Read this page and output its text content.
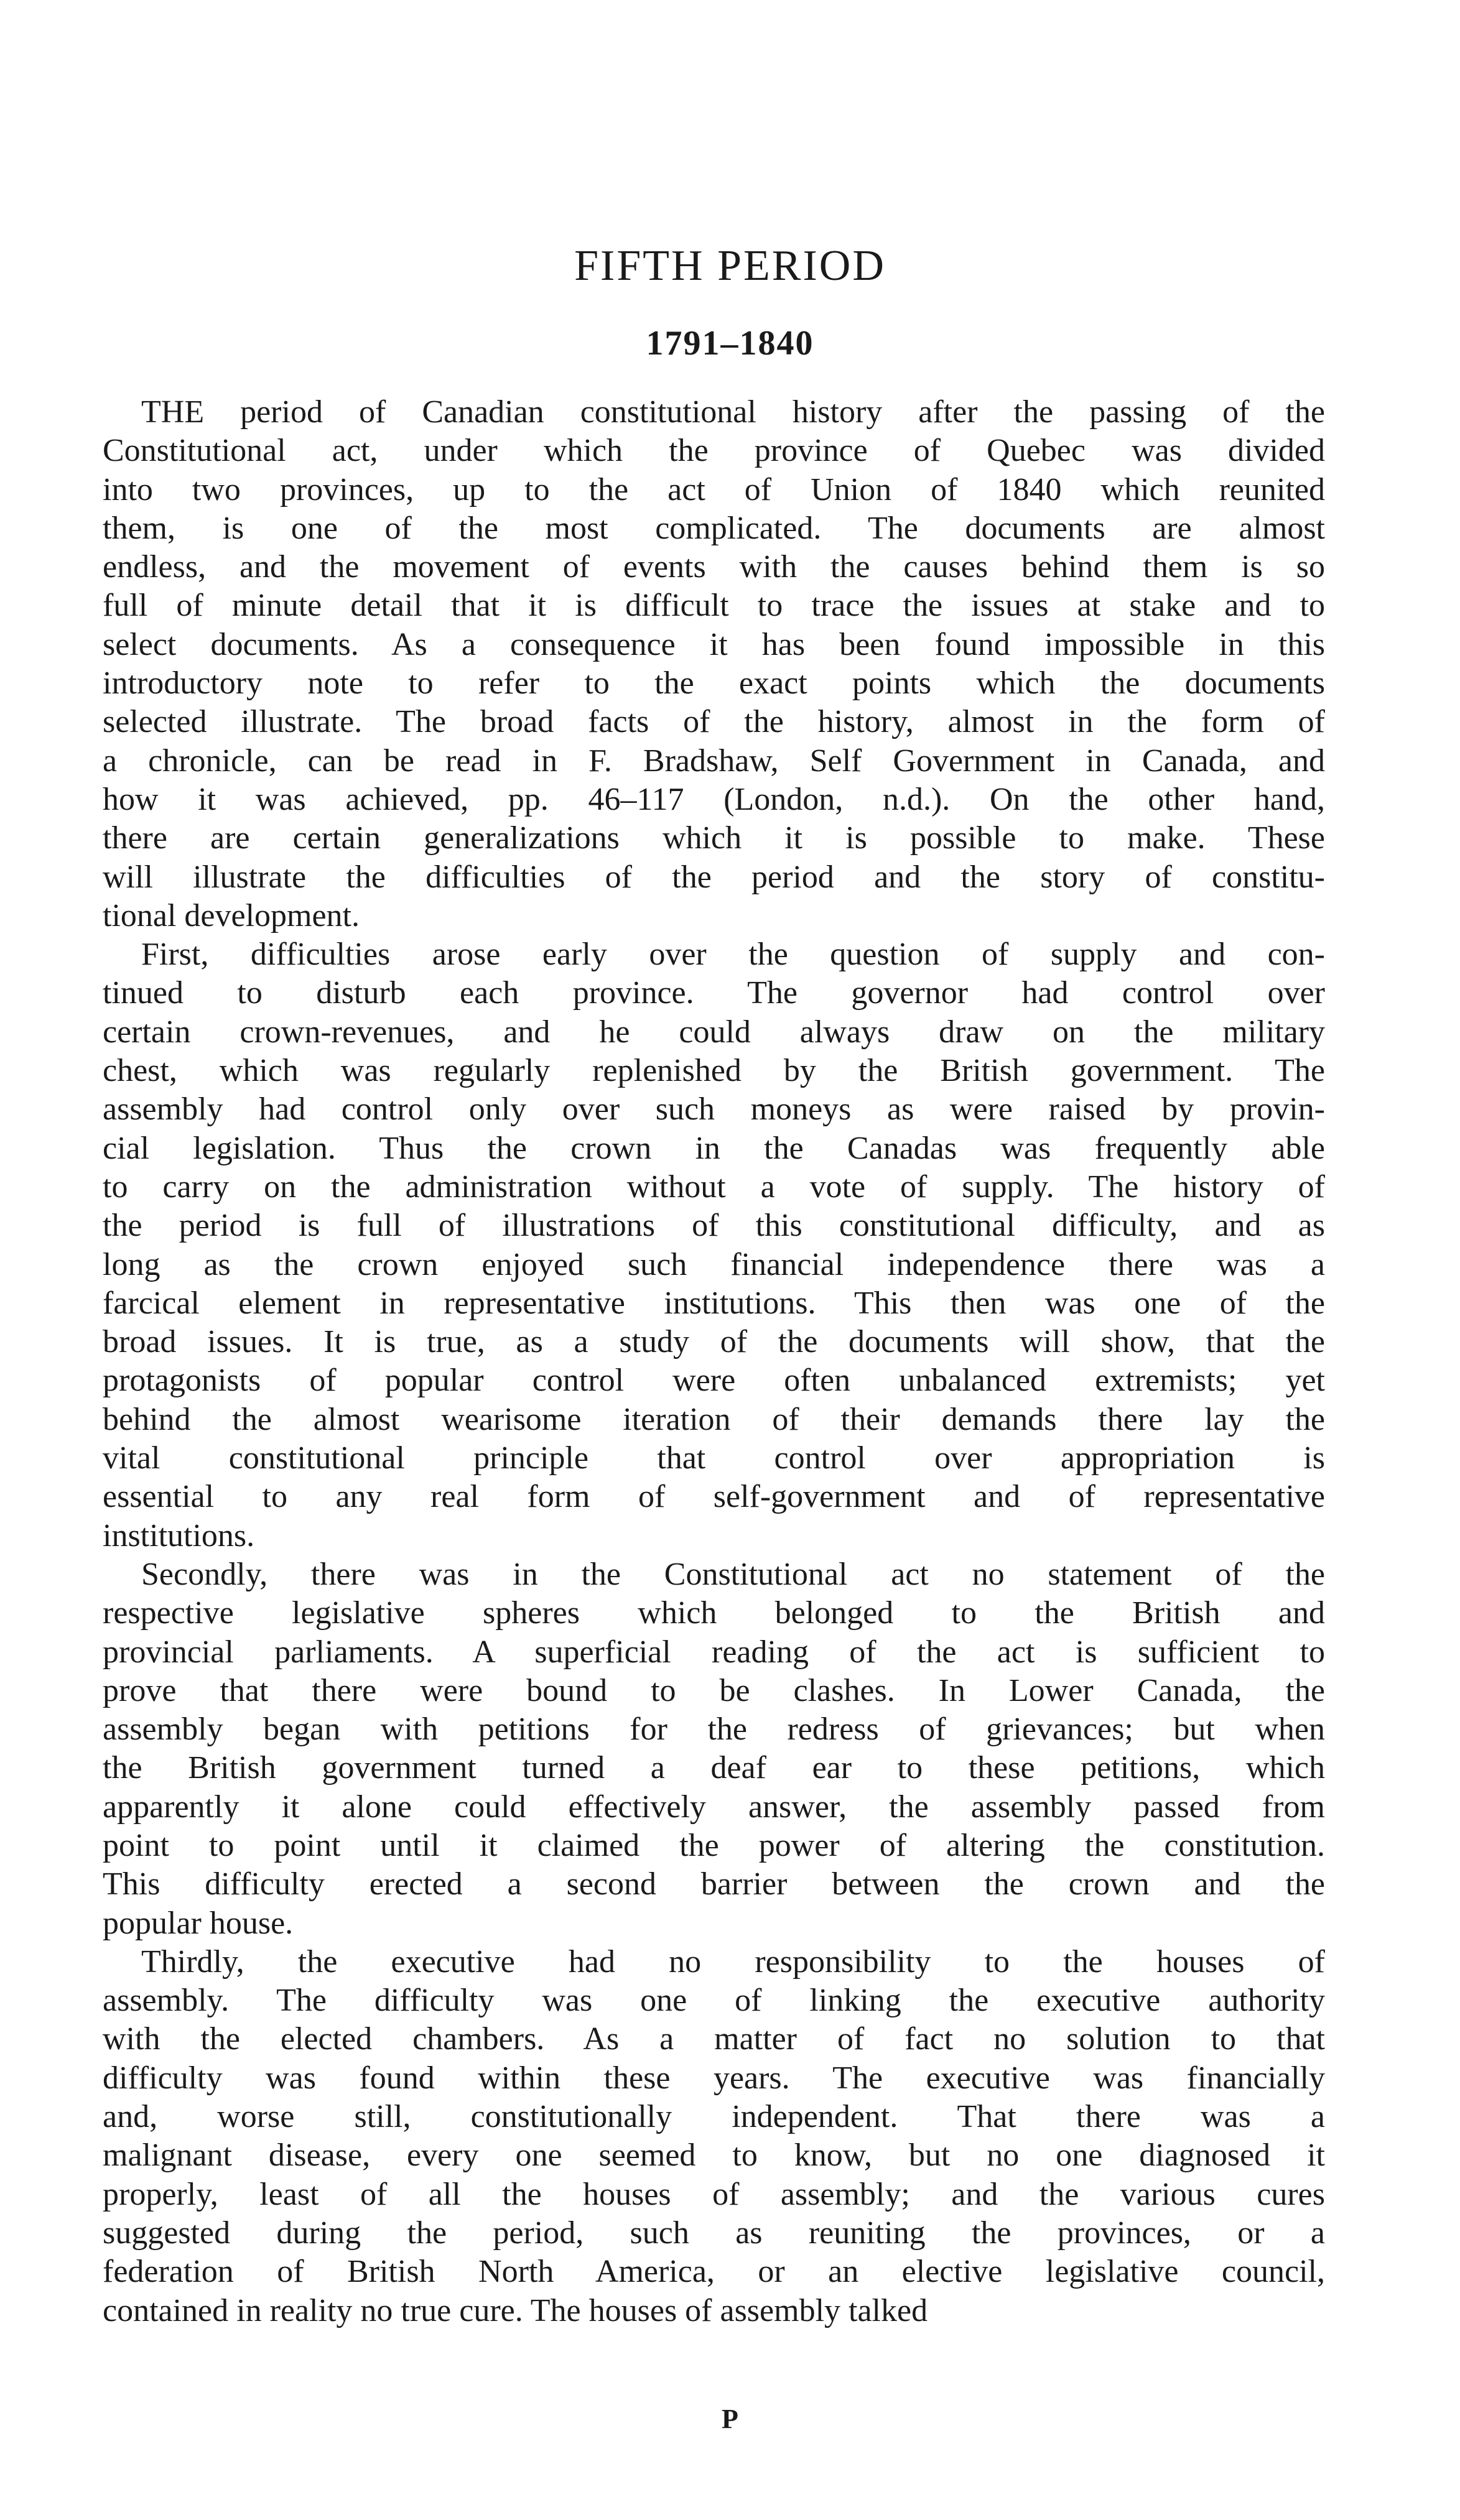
FIFTH PERIOD
1791–1840

THE period of Canadian constitutional history after the passing of the
Constitutional act, under which the province of Quebec was divided
into two provinces, up to the act of Union of 1840 which reunited
them, is one of the most complicated. The documents are almost
endless, and the movement of events with the causes behind them is so
full of minute detail that it is difficult to trace the issues at stake and to
select documents. As a consequence it has been found impossible in this
introductory note to refer to the exact points which the documents
selected illustrate. The broad facts of the history, almost in the form of
a chronicle, can be read in F. Bradshaw, Self Government in Canada, and
how it was achieved, pp. 46–117 (London, n.d.). On the other hand,
there are certain generalizations which it is possible to make. These
will illustrate the difficulties of the period and the story of constitu-
tional development.

First, difficulties arose early over the question of supply and con-
tinued to disturb each province. The governor had control over
certain crown-revenues, and he could always draw on the military
chest, which was regularly replenished by the British government. The
assembly had control only over such moneys as were raised by provin-
cial legislation. Thus the crown in the Canadas was frequently able
to carry on the administration without a vote of supply. The history of
the period is full of illustrations of this constitutional difficulty, and as
long as the crown enjoyed such financial independence there was a
farcical element in representative institutions. This then was one of the
broad issues. It is true, as a study of the documents will show, that the
protagonists of popular control were often unbalanced extremists; yet
behind the almost wearisome iteration of their demands there lay the
vital constitutional principle that control over appropriation is
essential to any real form of self-government and of representative
institutions.

Secondly, there was in the Constitutional act no statement of the
respective legislative spheres which belonged to the British and
provincial parliaments. A superficial reading of the act is sufficient to
prove that there were bound to be clashes. In Lower Canada, the
assembly began with petitions for the redress of grievances; but when
the British government turned a deaf ear to these petitions, which
apparently it alone could effectively answer, the assembly passed from
point to point until it claimed the power of altering the constitution.
This difficulty erected a second barrier between the crown and the
popular house.

Thirdly, the executive had no responsibility to the houses of
assembly. The difficulty was one of linking the executive authority
with the elected chambers. As a matter of fact no solution to that
difficulty was found within these years. The executive was financially
and, worse still, constitutionally independent. That there was a
malignant disease, every one seemed to know, but no one diagnosed it
properly, least of all the houses of assembly; and the various cures
suggested during the period, such as reuniting the provinces, or a
federation of British North America, or an elective legislative council,
contained in reality no true cure. The houses of assembly talked

P
